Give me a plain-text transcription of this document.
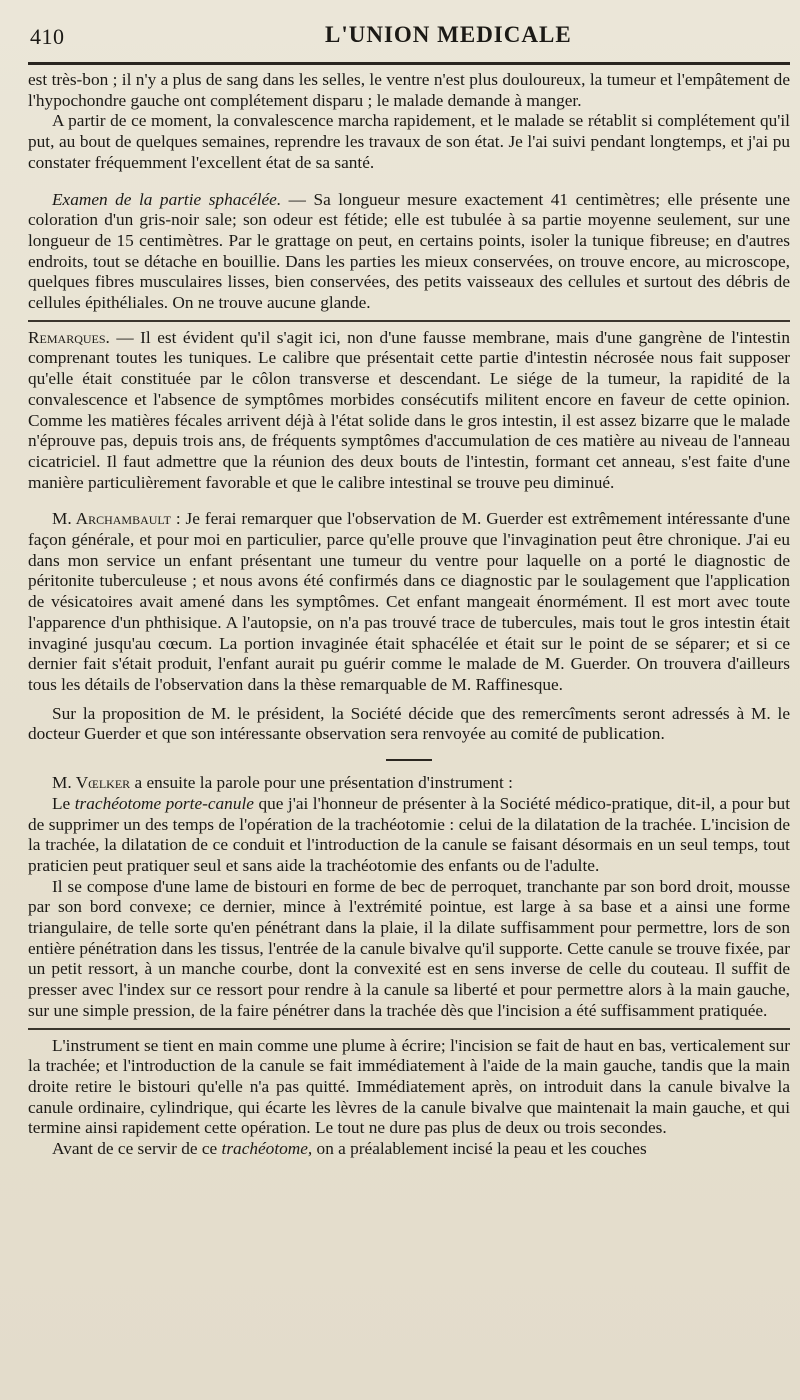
410	L'UNION MEDICALE

est très-bon ; il n'y a plus de sang dans les selles, le ventre n'est plus douloureux, la tumeur et l'empâtement de l'hypochondre gauche ont complétement disparu ; le malade demande à manger.

A partir de ce moment, la convalescence marcha rapidement, et le malade se rétablit si complétement qu'il put, au bout de quelques semaines, reprendre les travaux de son état. Je l'ai suivi pendant longtemps, et j'ai pu constater fréquemment l'excellent état de sa santé.

Examen de la partie sphacélée. — Sa longueur mesure exactement 41 centimètres; elle présente une coloration d'un gris-noir sale; son odeur est fétide; elle est tubulée à sa partie moyenne seulement, sur une longueur de 15 centimètres. Par le grattage on peut, en certains points, isoler la tunique fibreuse; en d'autres endroits, tout se détache en bouillie. Dans les parties les mieux conservées, on trouve encore, au microscope, quelques fibres musculaires lisses, bien conservées, des petits vaisseaux des cellules et surtout des débris de cellules épithéliales. On ne trouve aucune glande.

Remarques. — Il est évident qu'il s'agit ici, non d'une fausse membrane, mais d'une gangrène de l'intestin comprenant toutes les tuniques. Le calibre que présentait cette partie d'intestin nécrosée nous fait supposer qu'elle était constituée par le côlon transverse et descendant. Le siége de la tumeur, la rapidité de la convalescence et l'absence de symptômes morbides consécutifs militent encore en faveur de cette opinion. Comme les matières fécales arrivent déjà à l'état solide dans le gros intestin, il est assez bizarre que le malade n'éprouve pas, depuis trois ans, de fréquents symptômes d'accumulation de ces matière au niveau de l'anneau cicatriciel. Il faut admettre que la réunion des deux bouts de l'intestin, formant cet anneau, s'est faite d'une manière particulièrement favorable et que le calibre intestinal se trouve peu diminué.

M. Archambault : Je ferai remarquer que l'observation de M. Guerder est extrêmement intéressante d'une façon générale, et pour moi en particulier, parce qu'elle prouve que l'invagination peut être chronique. J'ai eu dans mon service un enfant présentant une tumeur du ventre pour laquelle on a porté le diagnostic de péritonite tuberculeuse ; et nous avons été confirmés dans ce diagnostic par le soulagement que l'application de vésicatoires avait amené dans les symptômes. Cet enfant mangeait énormément. Il est mort avec toute l'apparence d'un phthisique. A l'autopsie, on n'a pas trouvé trace de tubercules, mais tout le gros intestin était invaginé jusqu'au cœcum. La portion invaginée était sphacélée et était sur le point de se séparer; et si ce dernier fait s'était produit, l'enfant aurait pu guérir comme le malade de M. Guerder. On trouvera d'ailleurs tous les détails de l'observation dans la thèse remarquable de M. Raffinesque.

Sur la proposition de M. le président, la Société décide que des remercîments seront adressés à M. le docteur Guerder et que son intéressante observation sera renvoyée au comité de publication.

M. Vœlker a ensuite la parole pour une présentation d'instrument :

Le trachéotome porte-canule que j'ai l'honneur de présenter à la Société médico-pratique, dit-il, a pour but de supprimer un des temps de l'opération de la trachéotomie : celui de la dilatation de la trachée. L'incision de la trachée, la dilatation de ce conduit et l'introduction de la canule se faisant désormais en un seul temps, tout praticien peut pratiquer seul et sans aide la trachéotomie des enfants ou de l'adulte.

Il se compose d'une lame de bistouri en forme de bec de perroquet, tranchante par son bord droit, mousse par son bord convexe; ce dernier, mince à l'extrémité pointue, est large à sa base et a ainsi une forme triangulaire, de telle sorte qu'en pénétrant dans la plaie, il la dilate suffisamment pour permettre, lors de son entière pénétration dans les tissus, l'entrée de la canule bivalve qu'il supporte. Cette canule se trouve fixée, par un petit ressort, à un manche courbe, dont la convexité est en sens inverse de celle du couteau. Il suffit de presser avec l'index sur ce ressort pour rendre à la canule sa liberté et pour permettre alors à la main gauche, sur une simple pression, de la faire pénétrer dans la trachée dès que l'incision a été suffisamment pratiquée.

L'instrument se tient en main comme une plume à écrire; l'incision se fait de haut en bas, verticalement sur la trachée; et l'introduction de la canule se fait immédiatement à l'aide de la main gauche, tandis que la main droite retire le bistouri qu'elle n'a pas quitté. Immédiatement après, on introduit dans la canule bivalve la canule ordinaire, cylindrique, qui écarte les lèvres de la canule bivalve que maintenait la main gauche, et qui termine ainsi rapidement cette opération. Le tout ne dure pas plus de deux ou trois secondes.

Avant de ce servir de ce trachéotome, on a préalablement incisé la peau et les couches
